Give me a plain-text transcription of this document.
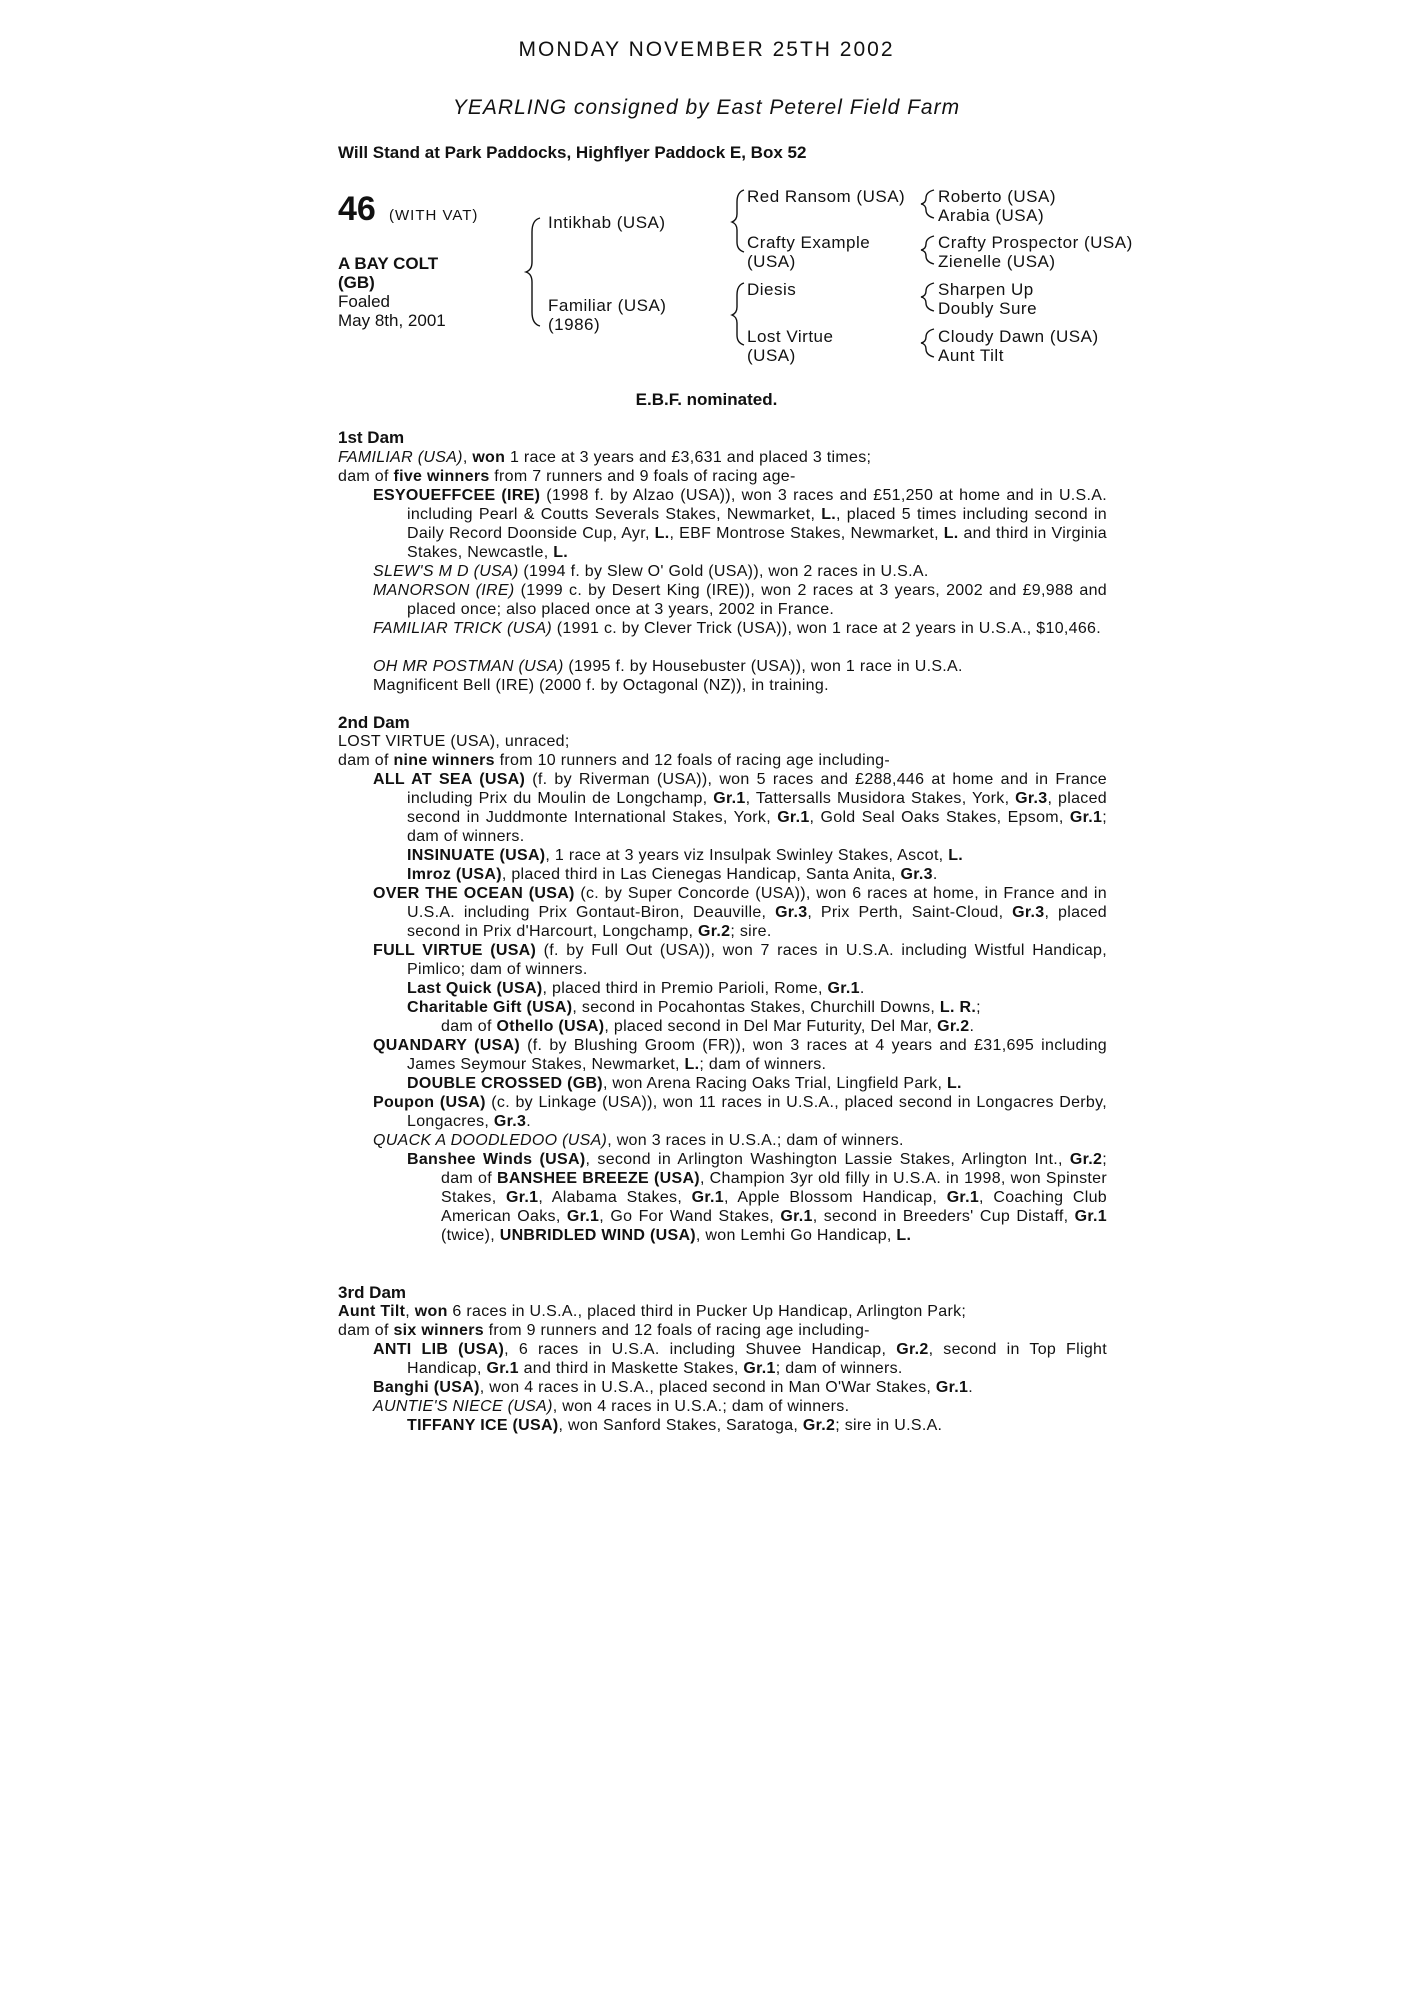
MONDAY NOVEMBER 25TH 2002
YEARLING consigned by East Peterel Field Farm
Will Stand at Park Paddocks, Highflyer Paddock E, Box 52
46 (WITH VAT)
A BAY COLT
(GB)
Foaled
May 8th, 2001
Intikhab (USA)
Familiar (USA)
(1986)
Red Ransom (USA)
Crafty Example
(USA)
Diesis
Lost Virtue
(USA)
Roberto (USA)
Arabia (USA)
Crafty Prospector (USA)
Zienelle (USA)
Sharpen Up
Doubly Sure
Cloudy Dawn (USA)
Aunt Tilt
E.B.F. nominated.
1st Dam
FAMILIAR (USA), won 1 race at 3 years and £3,631 and placed 3 times;
dam of five winners from 7 runners and 9 foals of racing age-
ESYOUEFFCEE (IRE) (1998 f. by Alzao (USA)), won 3 races and £51,250 at home and in U.S.A. including Pearl & Coutts Severals Stakes, Newmarket, L., placed 5 times including second in Daily Record Doonside Cup, Ayr, L., EBF Montrose Stakes, Newmarket, L. and third in Virginia Stakes, Newcastle, L.
SLEW'S M D (USA) (1994 f. by Slew O' Gold (USA)), won 2 races in U.S.A.
MANORSON (IRE) (1999 c. by Desert King (IRE)), won 2 races at 3 years, 2002 and £9,988 and placed once; also placed once at 3 years, 2002 in France.
FAMILIAR TRICK (USA) (1991 c. by Clever Trick (USA)), won 1 race at 2 years in U.S.A., $10,466.
OH MR POSTMAN (USA) (1995 f. by Housebuster (USA)), won 1 race in U.S.A.
Magnificent Bell (IRE) (2000 f. by Octagonal (NZ)), in training.
2nd Dam
LOST VIRTUE (USA), unraced;
dam of nine winners from 10 runners and 12 foals of racing age including-
ALL AT SEA (USA) (f. by Riverman (USA)), won 5 races and £288,446 at home and in France including Prix du Moulin de Longchamp, Gr.1, Tattersalls Musidora Stakes, York, Gr.3, placed second in Juddmonte International Stakes, York, Gr.1, Gold Seal Oaks Stakes, Epsom, Gr.1; dam of winners.
INSINUATE (USA), 1 race at 3 years viz Insulpak Swinley Stakes, Ascot, L.
Imroz (USA), placed third in Las Cienegas Handicap, Santa Anita, Gr.3.
OVER THE OCEAN (USA) (c. by Super Concorde (USA)), won 6 races at home, in France and in U.S.A. including Prix Gontaut-Biron, Deauville, Gr.3, Prix Perth, Saint-Cloud, Gr.3, placed second in Prix d'Harcourt, Longchamp, Gr.2; sire.
FULL VIRTUE (USA) (f. by Full Out (USA)), won 7 races in U.S.A. including Wistful Handicap, Pimlico; dam of winners.
Last Quick (USA), placed third in Premio Parioli, Rome, Gr.1.
Charitable Gift (USA), second in Pocahontas Stakes, Churchill Downs, L. R.;
dam of Othello (USA), placed second in Del Mar Futurity, Del Mar, Gr.2.
QUANDARY (USA) (f. by Blushing Groom (FR)), won 3 races at 4 years and £31,695 including James Seymour Stakes, Newmarket, L.; dam of winners.
DOUBLE CROSSED (GB), won Arena Racing Oaks Trial, Lingfield Park, L.
Poupon (USA) (c. by Linkage (USA)), won 11 races in U.S.A., placed second in Longacres Derby, Longacres, Gr.3.
QUACK A DOODLEDOO (USA), won 3 races in U.S.A.; dam of winners.
Banshee Winds (USA), second in Arlington Washington Lassie Stakes, Arlington Int., Gr.2; dam of BANSHEE BREEZE (USA), Champion 3yr old filly in U.S.A. in 1998, won Spinster Stakes, Gr.1, Alabama Stakes, Gr.1, Apple Blossom Handicap, Gr.1, Coaching Club American Oaks, Gr.1, Go For Wand Stakes, Gr.1, second in Breeders' Cup Distaff, Gr.1 (twice), UNBRIDLED WIND (USA), won Lemhi Go Handicap, L.
3rd Dam
Aunt Tilt, won 6 races in U.S.A., placed third in Pucker Up Handicap, Arlington Park;
dam of six winners from 9 runners and 12 foals of racing age including-
ANTI LIB (USA), 6 races in U.S.A. including Shuvee Handicap, Gr.2, second in Top Flight Handicap, Gr.1 and third in Maskette Stakes, Gr.1; dam of winners.
Banghi (USA), won 4 races in U.S.A., placed second in Man O'War Stakes, Gr.1.
AUNTIE'S NIECE (USA), won 4 races in U.S.A.; dam of winners.
TIFFANY ICE (USA), won Sanford Stakes, Saratoga, Gr.2; sire in U.S.A.
